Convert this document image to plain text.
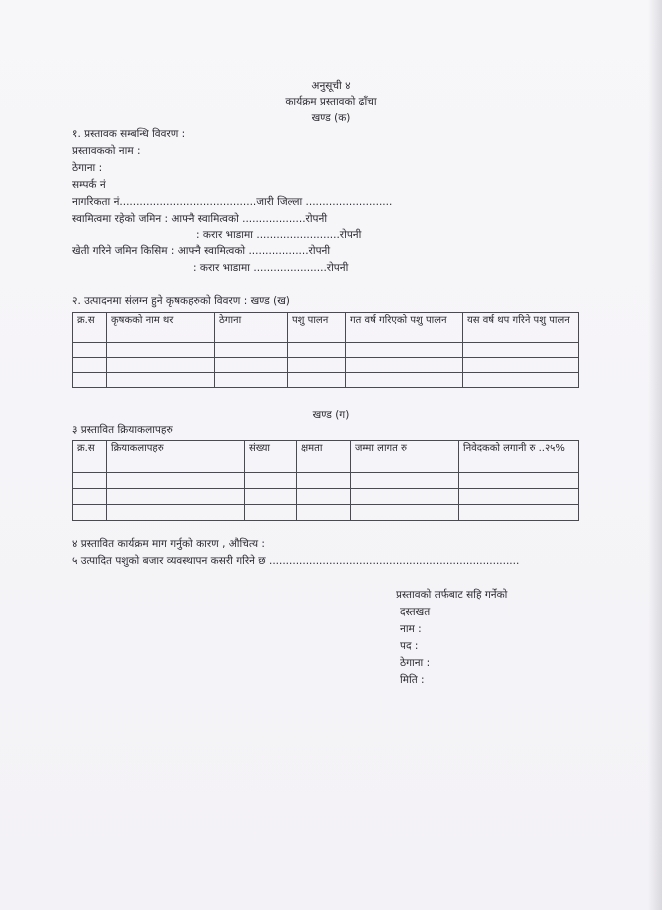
अनुसूची ४
कार्यक्रम प्रस्तावको ढाँचा
खण्ड (क)
१. प्रस्तावक सम्बन्धि विवरण :
प्रस्तावकको नाम :
ठेगाना :
सम्पर्क नं
नागरिकता नं.........................................जारी जिल्ला ..........................
स्वामित्वमा रहेको जमिन : आफ्नै स्वामित्वको ...................रोपनी
: करार भाडामा .........................रोपनी
खेती गरिने जमिन किसिम : आफ्नै स्वामित्वको ..................रोपनी
: करार भाडामा ......................रोपनी
२. उत्पादनमा संलग्न हुने कृषकहरुको विवरण : खण्ड (ख)
क्र.स	कृषकको नाम थर	ठेगाना	पशु पालन	गत वर्ष गरिएको पशु पालन	यस वर्ष थप गरिने पशु पालन

खण्ड (ग)
३ प्रस्तावित क्रियाकलापहरु
क्र.स	क्रियाकलापहरु	संख्या	क्षमता	जम्मा लागत रु	निवेदकको लगानी रु ..२५%

४ प्रस्तावित कार्यक्रम माग गर्नुको कारण , औचित्य :
५ उत्पादित पशुको बजार व्यवस्थापन कसरी गरिने छ ...........................................................................
प्रस्तावको तर्फबाट सहि गर्नेको
दस्तखत
नाम :
पद :
ठेगाना :
मिति :
